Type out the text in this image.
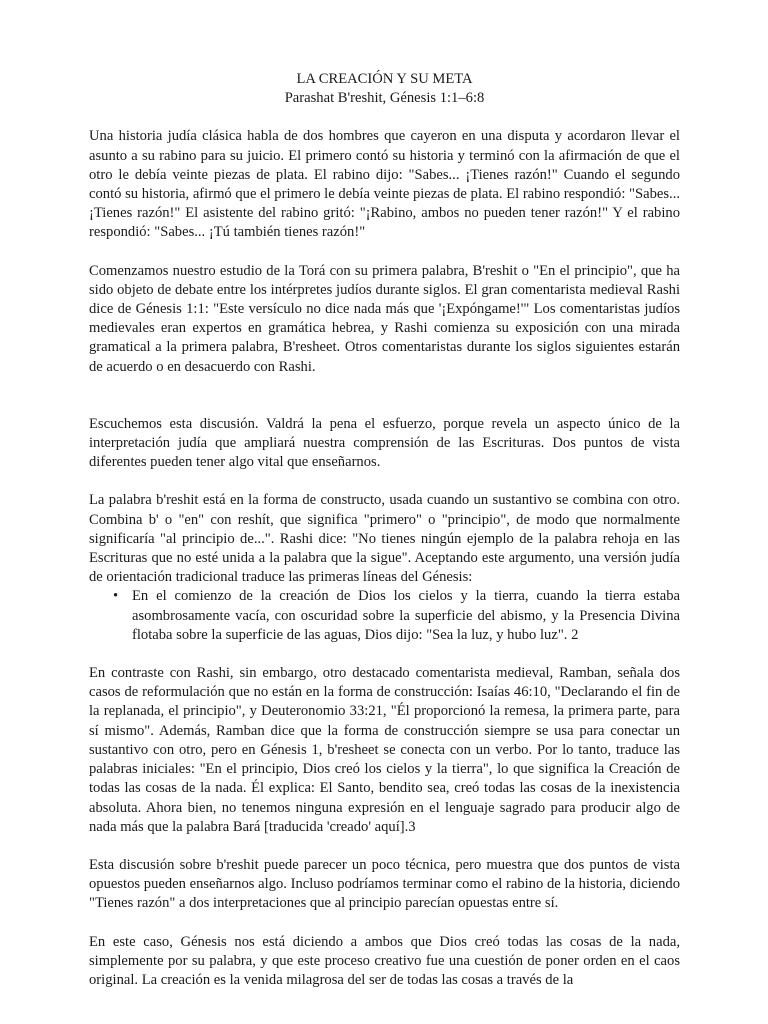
LA CREACIÓN Y SU META
Parashat B'reshit, Génesis 1:1–6:8

Una historia judía clásica habla de dos hombres que cayeron en una disputa y acordaron llevar el asunto a su rabino para su juicio. El primero contó su historia y terminó con la afirmación de que el otro le debía veinte piezas de plata. El rabino dijo: "Sabes... ¡Tienes razón!" Cuando el segundo contó su historia, afirmó que el primero le debía veinte piezas de plata. El rabino respondió: "Sabes... ¡Tienes razón!" El asistente del rabino gritó: "¡Rabino, ambos no pueden tener razón!" Y el rabino respondió: "Sabes... ¡Tú también tienes razón!"

Comenzamos nuestro estudio de la Torá con su primera palabra, B'reshit o "En el principio", que ha sido objeto de debate entre los intérpretes judíos durante siglos. El gran comentarista medieval Rashi dice de Génesis 1:1: "Este versículo no dice nada más que '¡Expóngame!'" Los comentaristas judíos medievales eran expertos en gramática hebrea, y Rashi comienza su exposición con una mirada gramatical a la primera palabra, B'resheet. Otros comentaristas durante los siglos siguientes estarán de acuerdo o en desacuerdo con Rashi.

Escuchemos esta discusión. Valdrá la pena el esfuerzo, porque revela un aspecto único de la interpretación judía que ampliará nuestra comprensión de las Escrituras. Dos puntos de vista diferentes pueden tener algo vital que enseñarnos.

La palabra b'reshit está en la forma de constructo, usada cuando un sustantivo se combina con otro. Combina b' o "en" con reshít, que significa "primero" o "principio", de modo que normalmente significaría "al principio de...". Rashi dice: "No tienes ningún ejemplo de la palabra rehoja en las Escrituras que no esté unida a la palabra que la sigue". Aceptando este argumento, una versión judía de orientación tradicional traduce las primeras líneas del Génesis:

• En el comienzo de la creación de Dios los cielos y la tierra, cuando la tierra estaba asombrosamente vacía, con oscuridad sobre la superficie del abismo, y la Presencia Divina flotaba sobre la superficie de las aguas, Dios dijo: "Sea la luz, y hubo luz". 2

En contraste con Rashi, sin embargo, otro destacado comentarista medieval, Ramban, señala dos casos de reformulación que no están en la forma de construcción: Isaías 46:10, "Declarando el fin de la replanada, el principio", y Deuteronomio 33:21, "Él proporcionó la remesa, la primera parte, para sí mismo". Además, Ramban dice que la forma de construcción siempre se usa para conectar un sustantivo con otro, pero en Génesis 1, b'resheet se conecta con un verbo. Por lo tanto, traduce las palabras iniciales: "En el principio, Dios creó los cielos y la tierra", lo que significa la Creación de todas las cosas de la nada. Él explica: El Santo, bendito sea, creó todas las cosas de la inexistencia absoluta. Ahora bien, no tenemos ninguna expresión en el lenguaje sagrado para producir algo de nada más que la palabra Bará [traducida 'creado' aquí].3

Esta discusión sobre b'reshit puede parecer un poco técnica, pero muestra que dos puntos de vista opuestos pueden enseñarnos algo. Incluso podríamos terminar como el rabino de la historia, diciendo "Tienes razón" a dos interpretaciones que al principio parecían opuestas entre sí.

En este caso, Génesis nos está diciendo a ambos que Dios creó todas las cosas de la nada, simplemente por su palabra, y que este proceso creativo fue una cuestión de poner orden en el caos original. La creación es la venida milagrosa del ser de todas las cosas a través de la
